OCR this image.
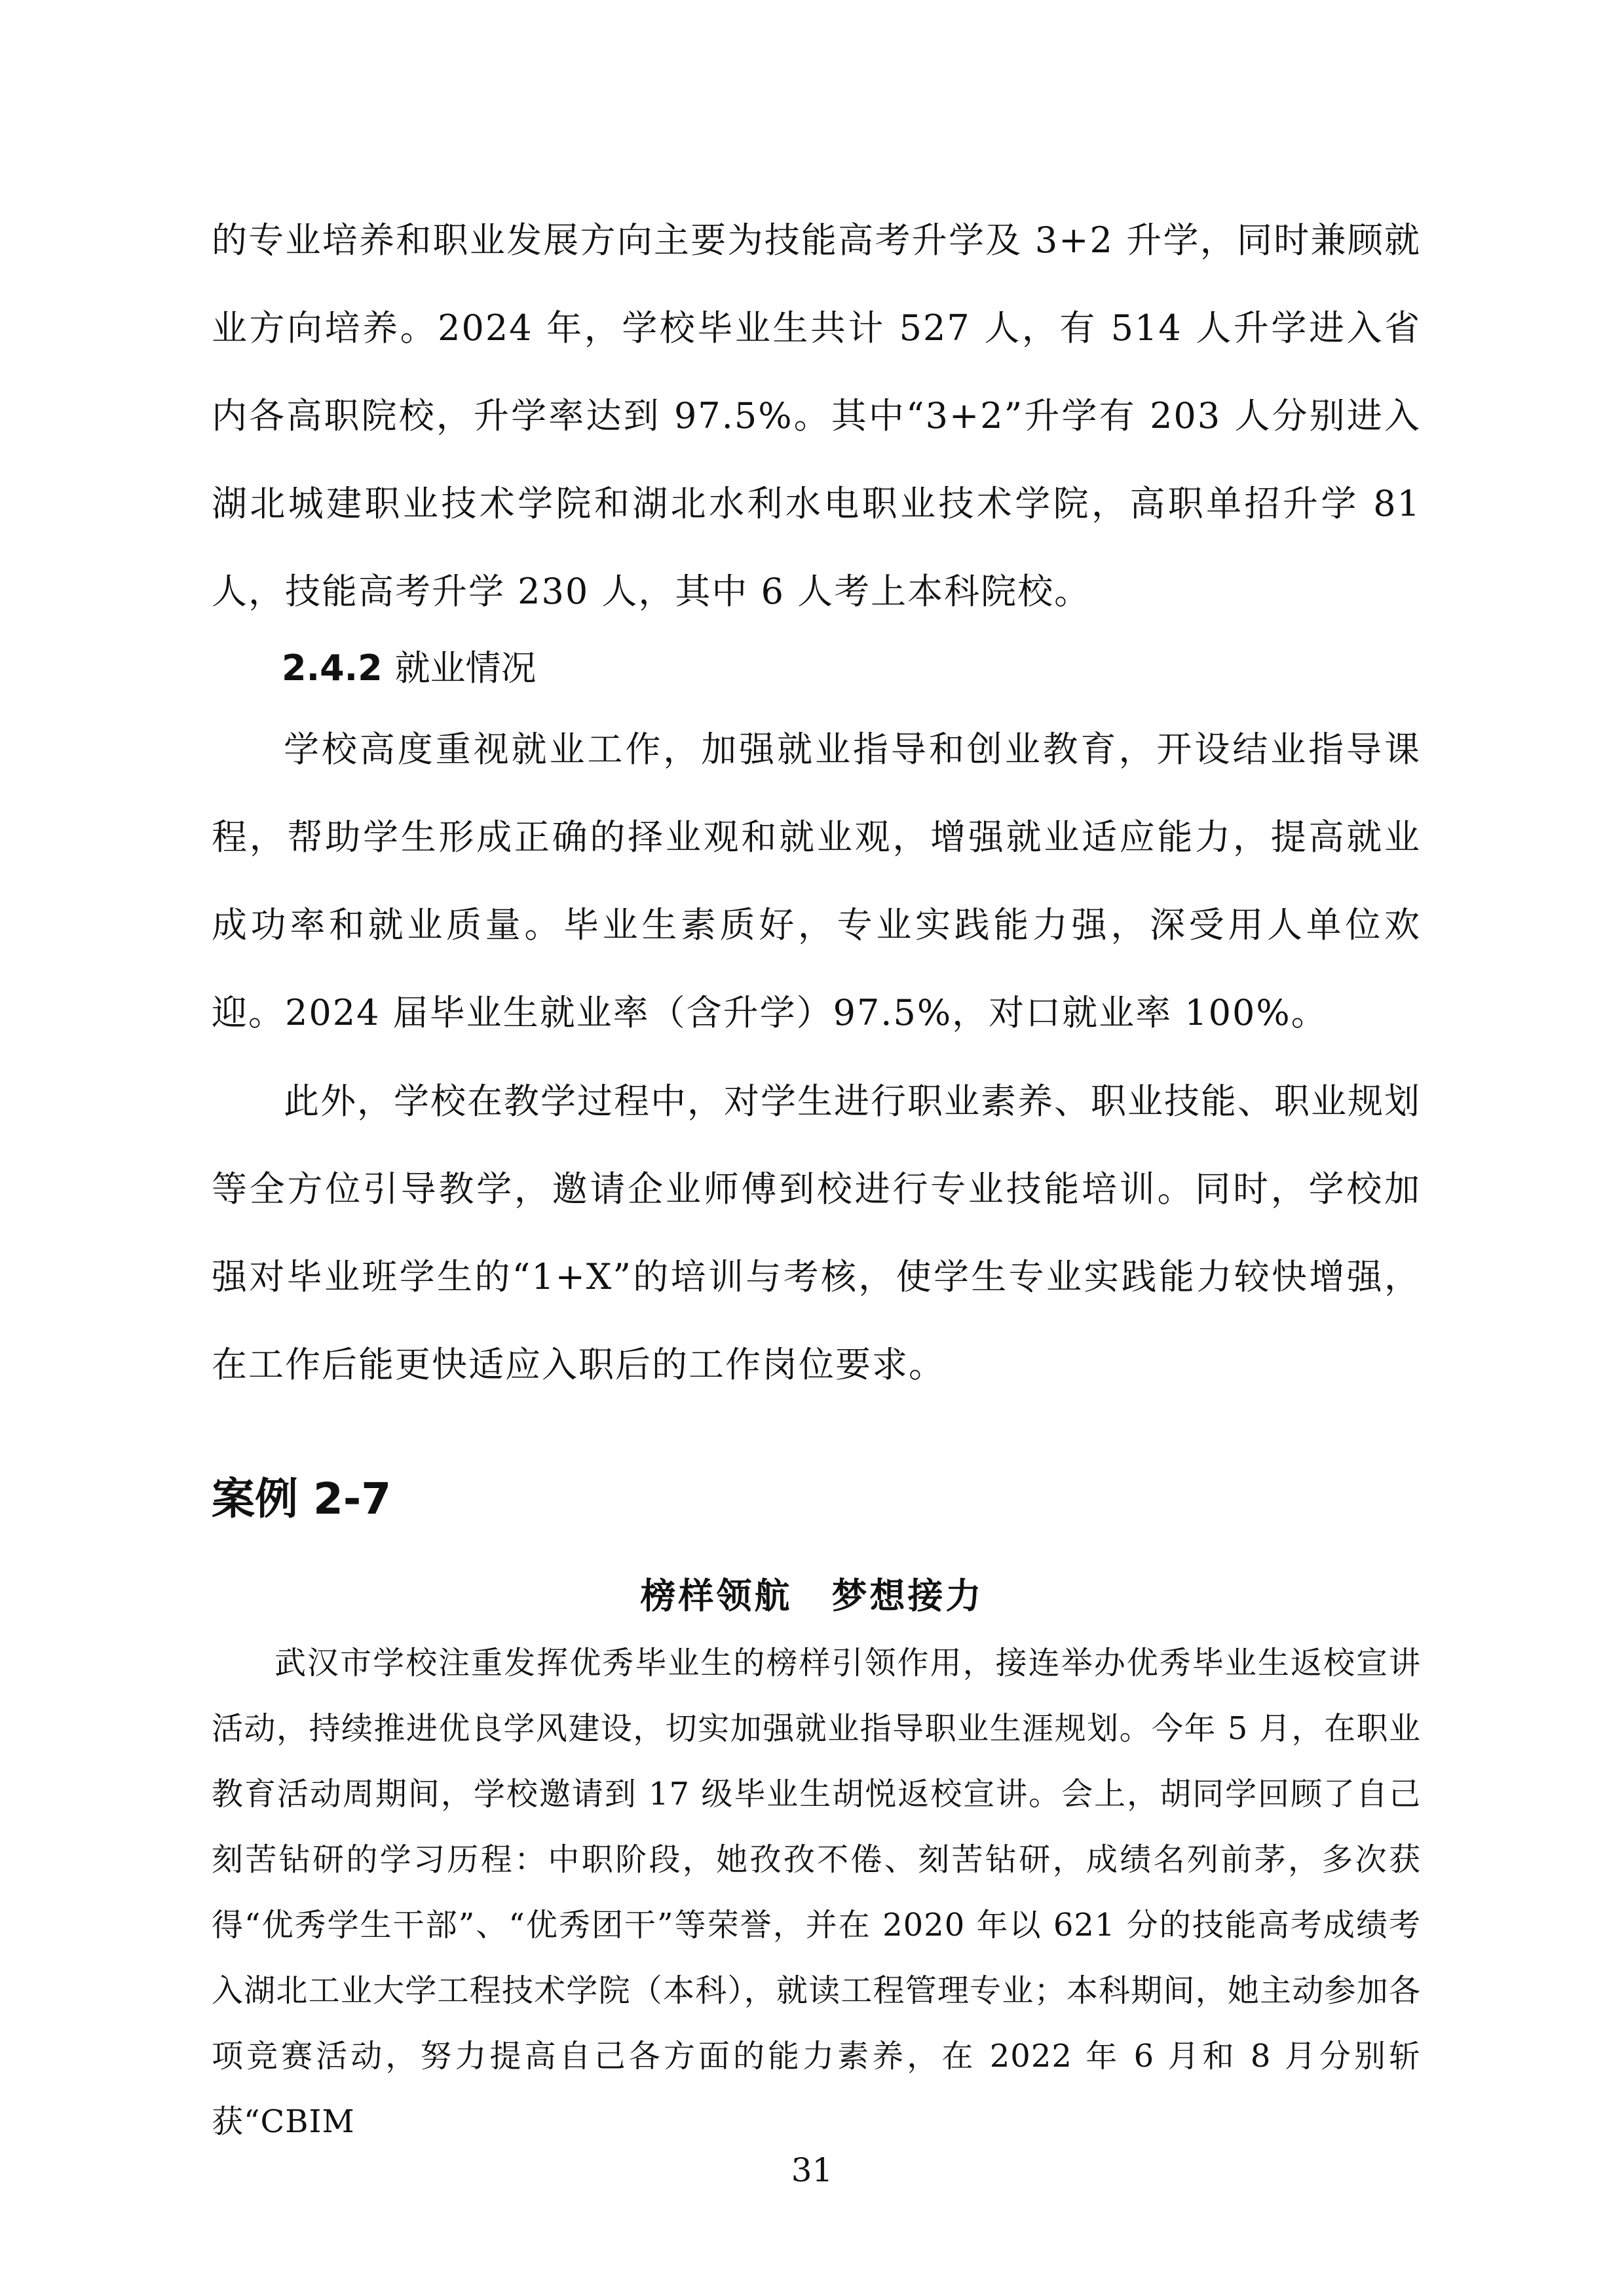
的专业培养和职业发展方向主要为技能高考升学及 3+2 升学，同时兼顾就业方向培养。2024 年，学校毕业生共计 527 人，有 514 人升学进入省内各高职院校，升学率达到 97.5%。其中“3+2”升学有 203 人分别进入湖北城建职业技术学院和湖北水利水电职业技术学院，高职单招升学 81 人，技能高考升学 230 人，其中 6 人考上本科院校。

2.4.2 就业情况

学校高度重视就业工作，加强就业指导和创业教育，开设结业指导课程，帮助学生形成正确的择业观和就业观，增强就业适应能力，提高就业成功率和就业质量。毕业生素质好，专业实践能力强，深受用人单位欢迎。2024 届毕业生就业率（含升学）97.5%，对口就业率 100%。

此外，学校在教学过程中，对学生进行职业素养、职业技能、职业规划等全方位引导教学，邀请企业师傅到校进行专业技能培训。同时，学校加强对毕业班学生的“1+X”的培训与考核，使学生专业实践能力较快增强，在工作后能更快适应入职后的工作岗位要求。

案例 2-7
榜样领航 梦想接力

武汉市学校注重发挥优秀毕业生的榜样引领作用，接连举办优秀毕业生返校宣讲活动，持续推进优良学风建设，切实加强就业指导职业生涯规划。今年 5 月，在职业教育活动周期间，学校邀请到 17 级毕业生胡悦返校宣讲。会上，胡同学回顾了自己刻苦钻研的学习历程：中职阶段，她孜孜不倦、刻苦钻研，成绩名列前茅，多次获得“优秀学生干部”、“优秀团干”等荣誉，并在 2020 年以 621 分的技能高考成绩考入湖北工业大学工程技术学院（本科），就读工程管理专业；本科期间，她主动参加各项竞赛活动，努力提高自己各方面的能力素养，在 2022 年 6 月和 8 月分别斩获“CBIM

31
